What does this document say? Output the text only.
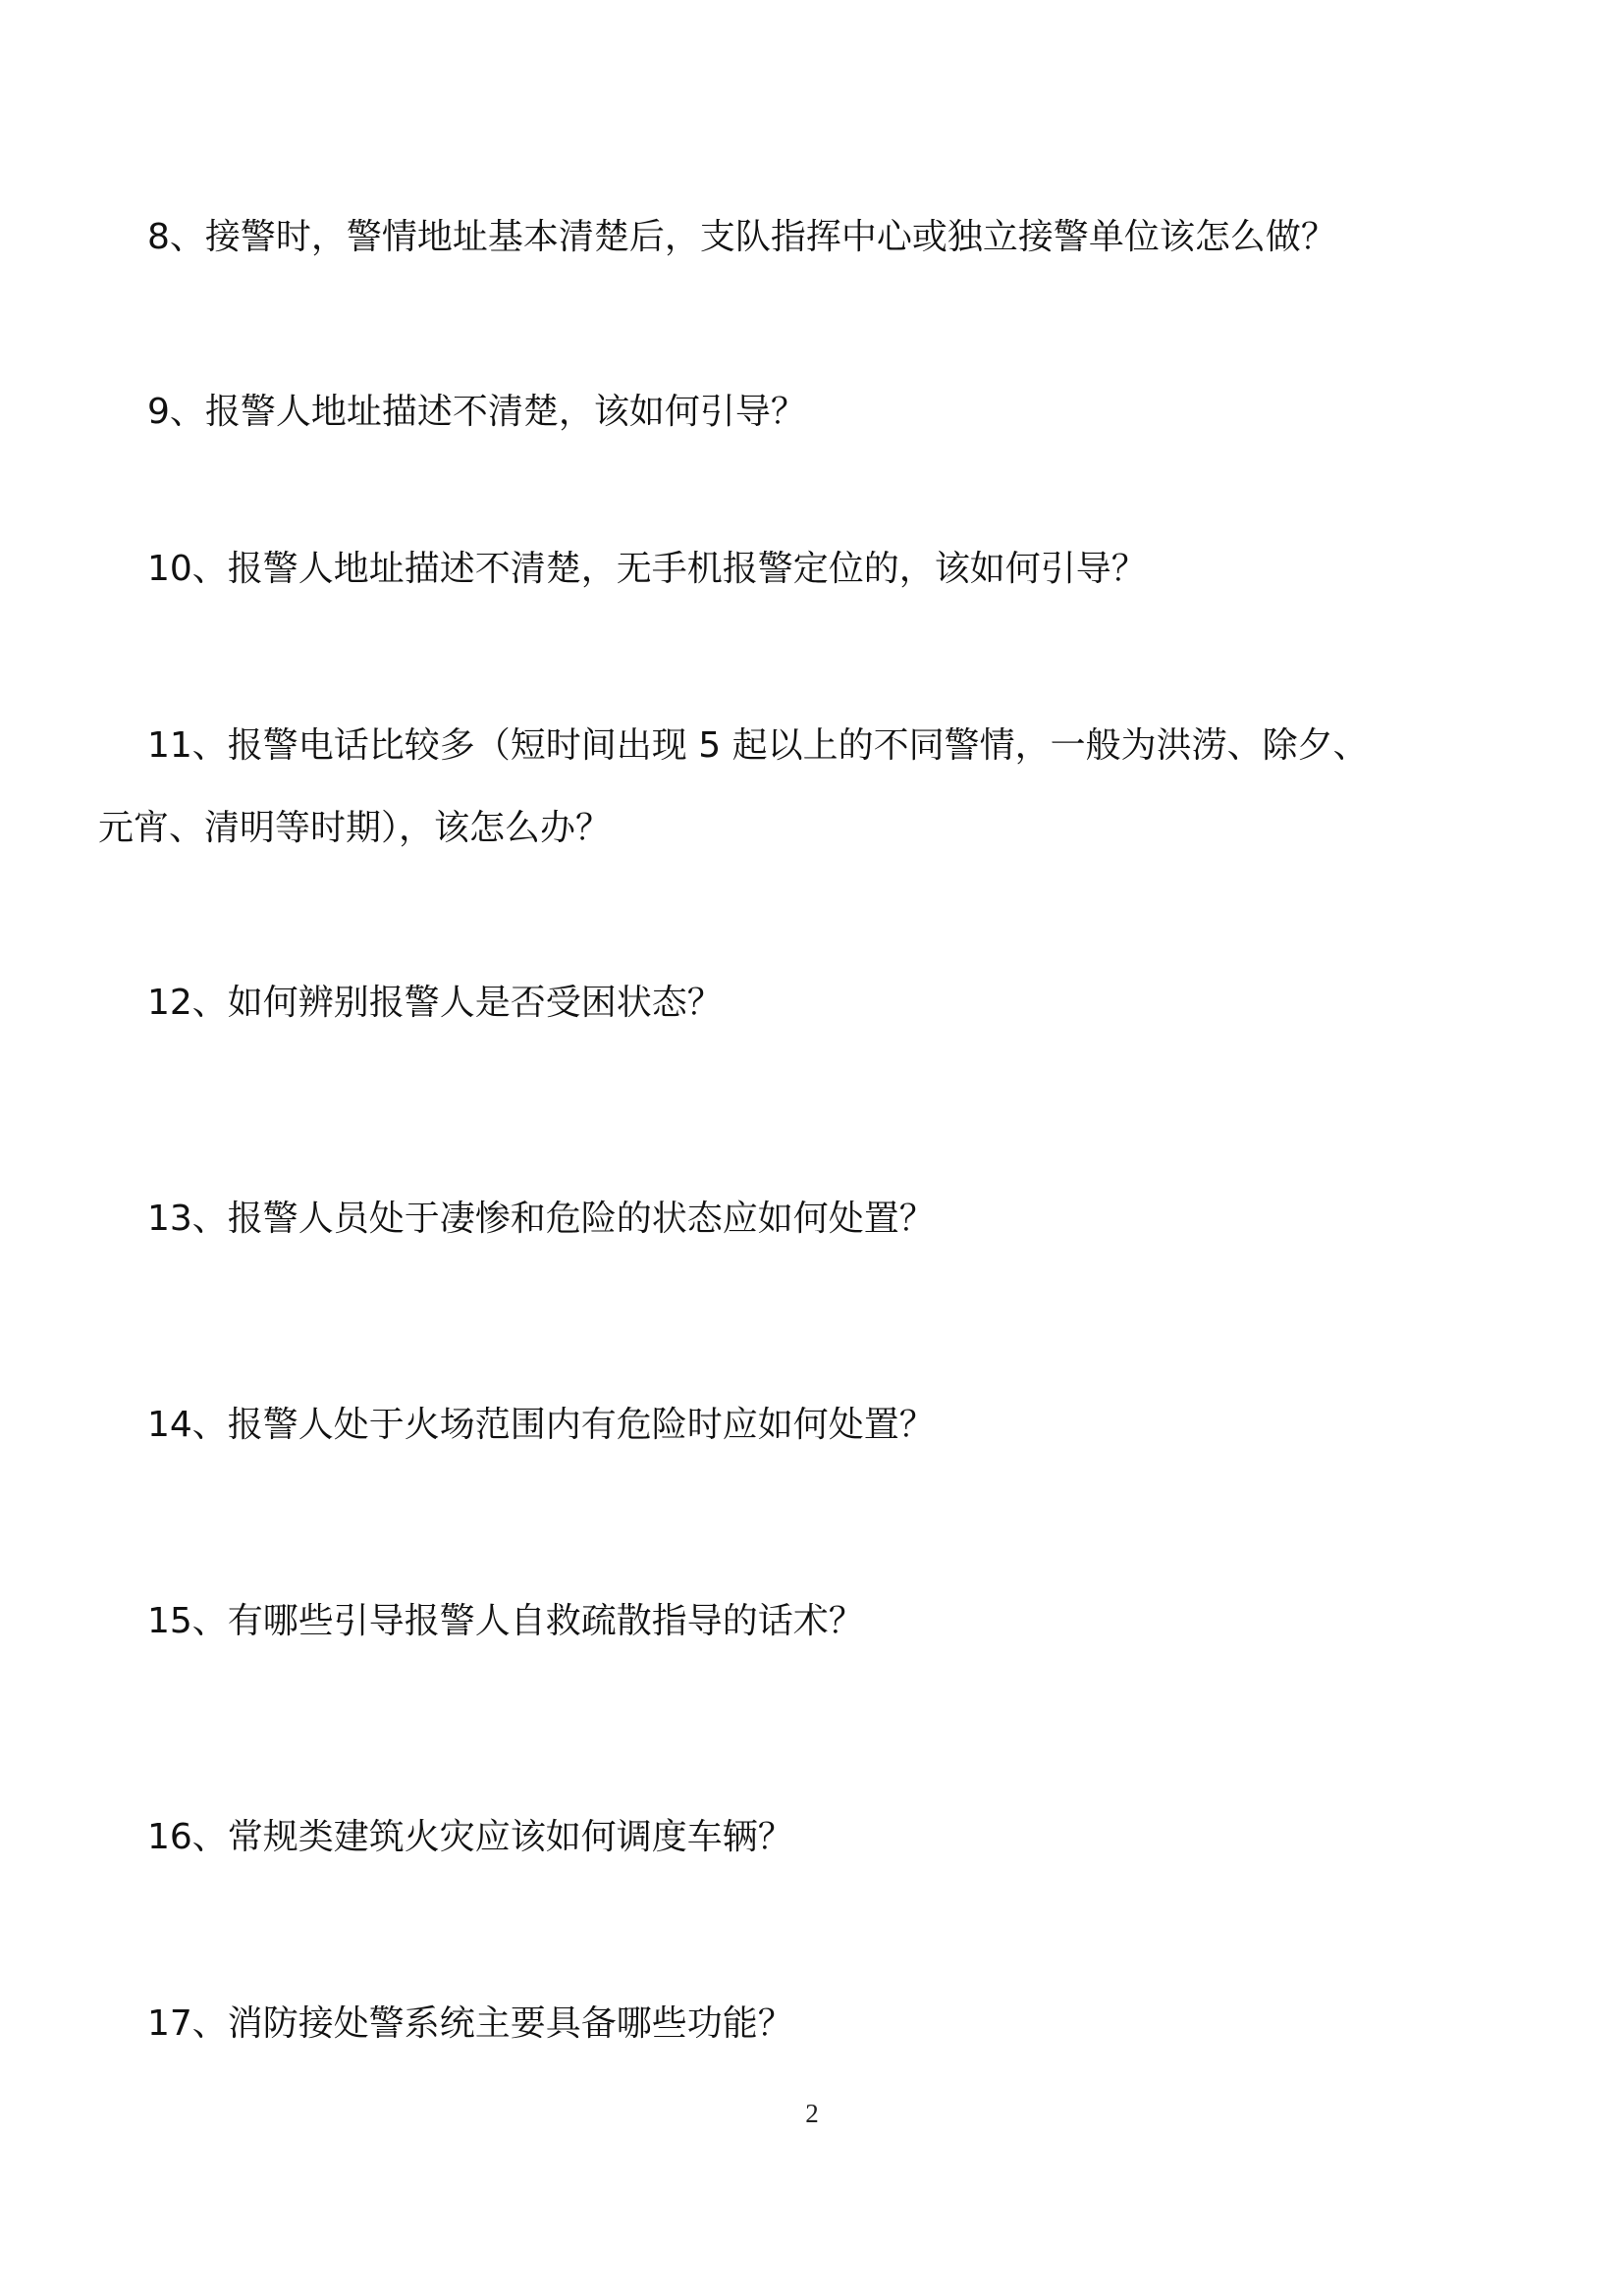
8、接警时，警情地址基本清楚后，支队指挥中心或独立接警单位该怎么做？

9、报警人地址描述不清楚，该如何引导？

10、报警人地址描述不清楚，无手机报警定位的，该如何引导？

11、报警电话比较多（短时间出现 5 起以上的不同警情，一般为洪涝、除夕、
元宵、清明等时期），该怎么办？

12、如何辨别报警人是否受困状态？

13、报警人员处于凄惨和危险的状态应如何处置？

14、报警人处于火场范围内有危险时应如何处置？

15、有哪些引导报警人自救疏散指导的话术？

16、常规类建筑火灾应该如何调度车辆？

17、消防接处警系统主要具备哪些功能？

2
